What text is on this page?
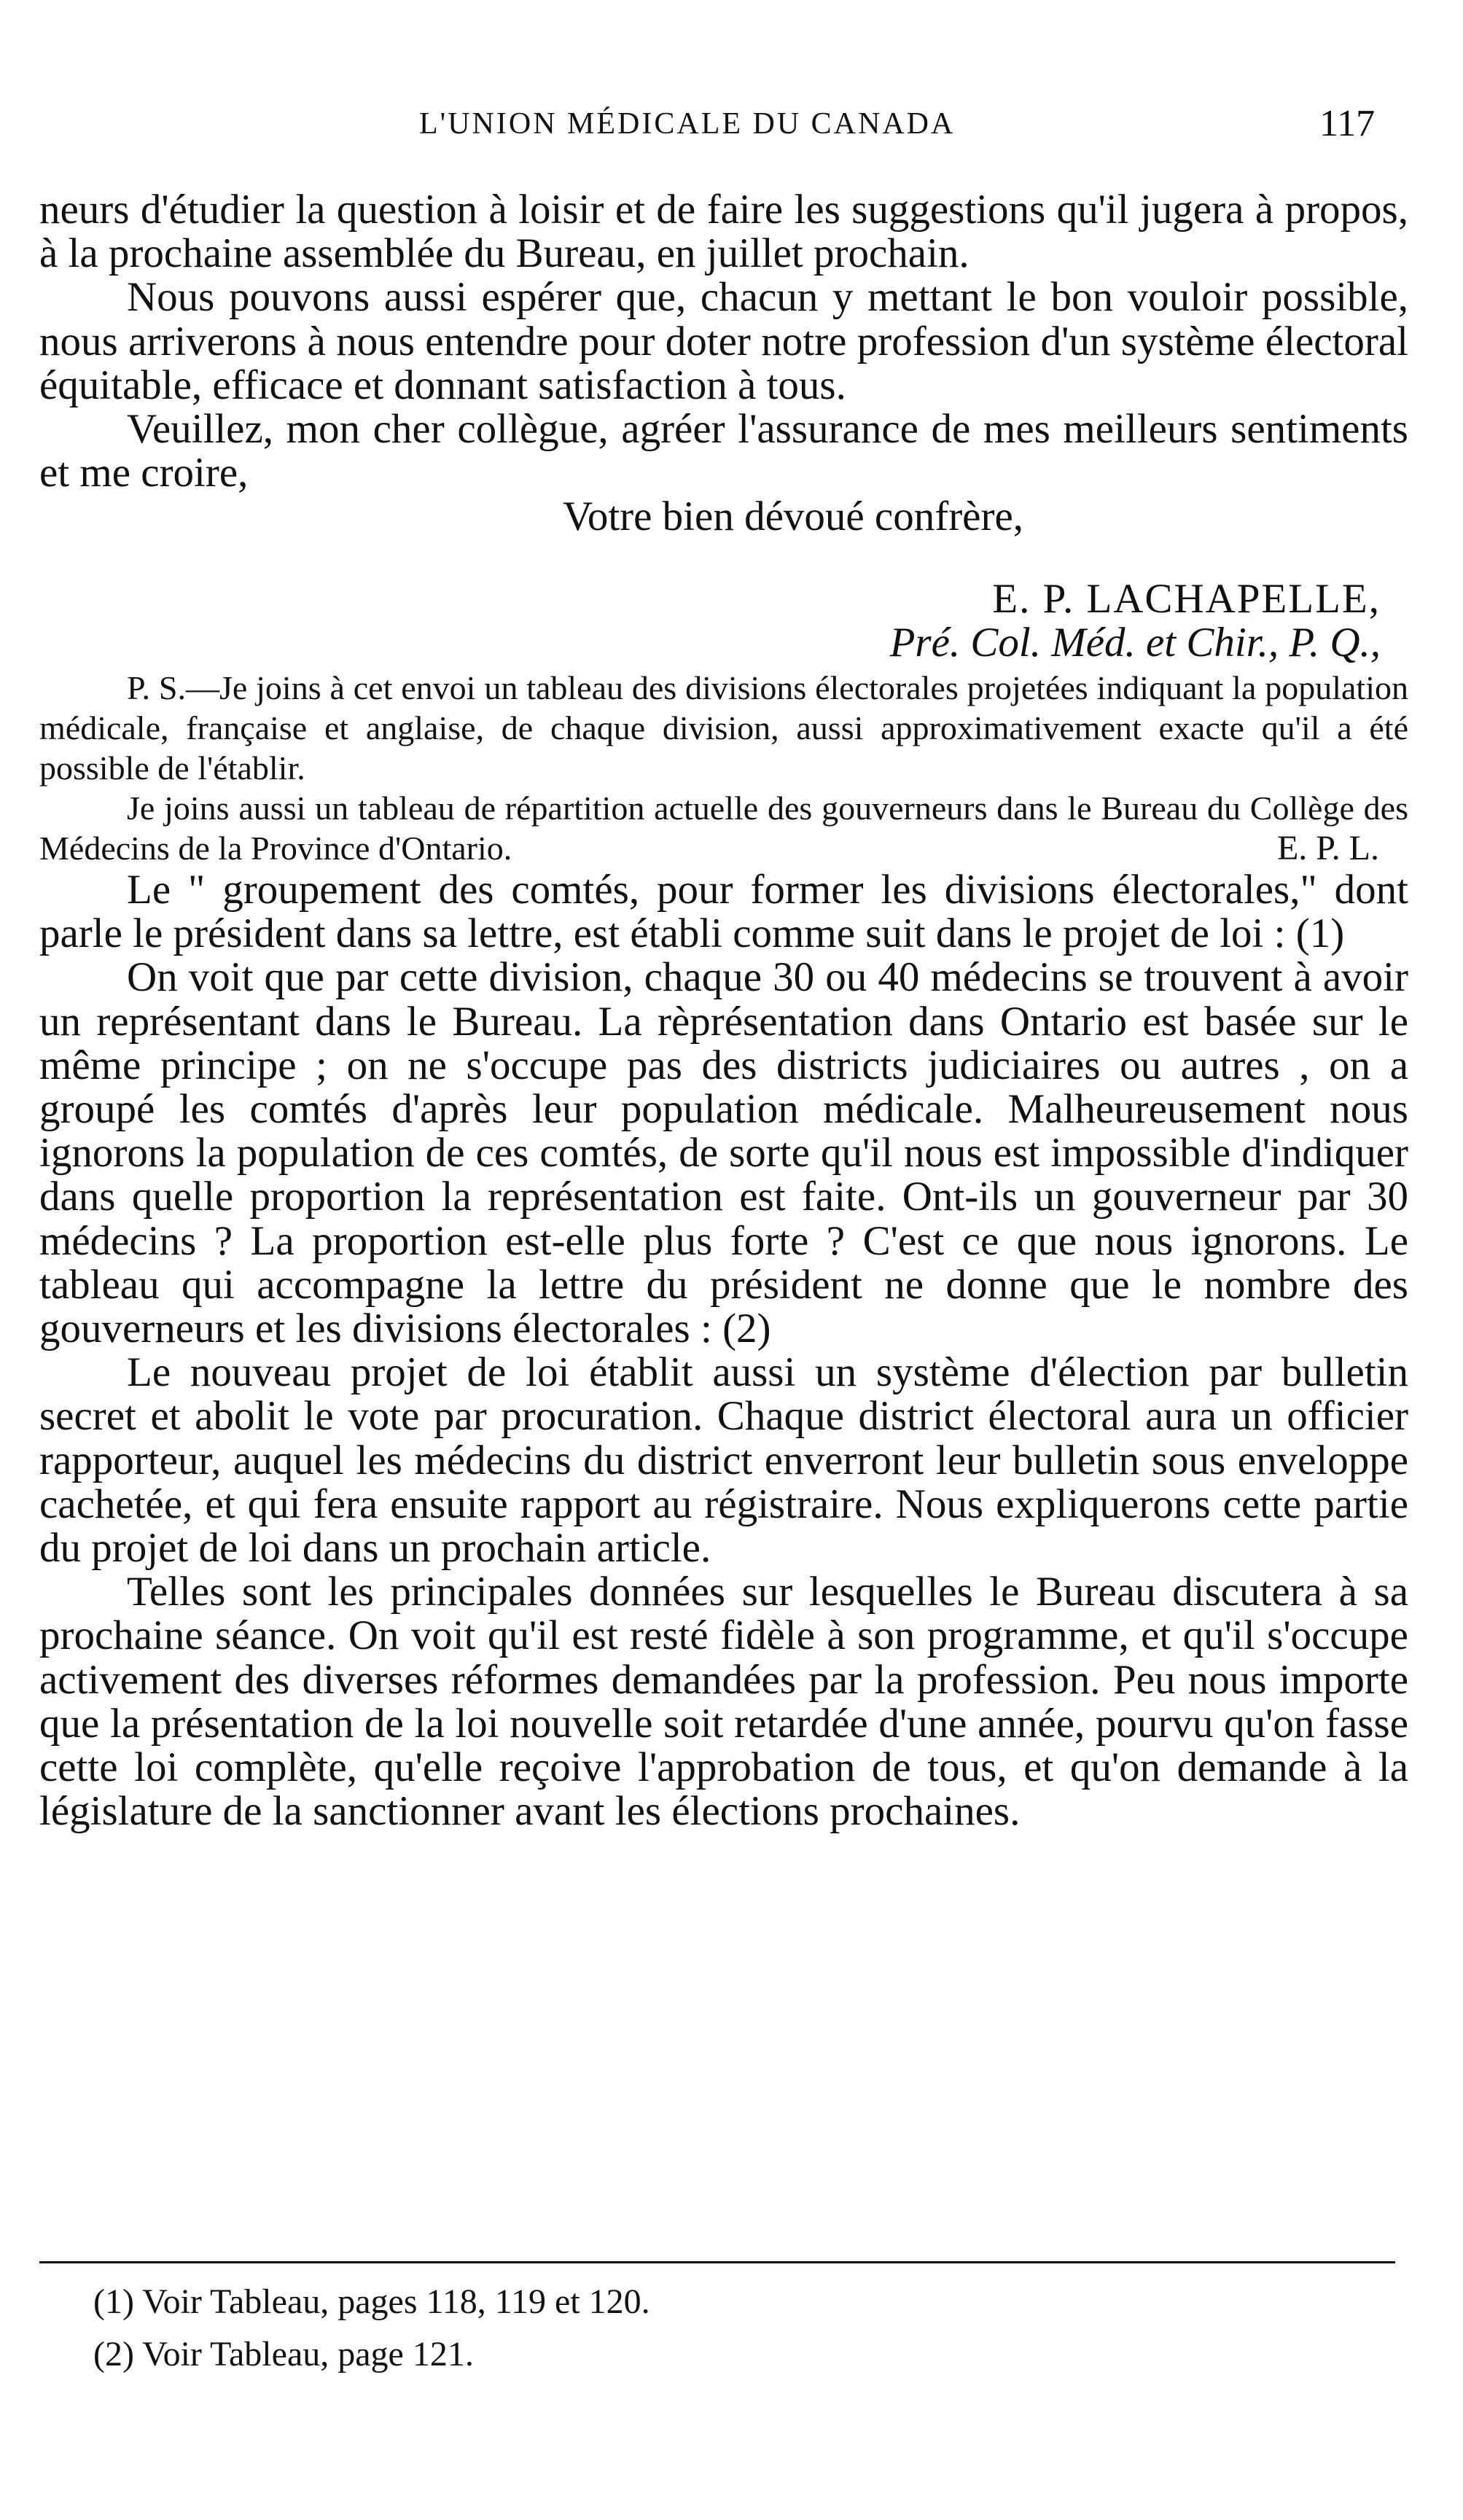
L'UNION MÉDICALE DU CANADA	117

neurs d'étudier la question à loisir et de faire les suggestions qu'il jugera à propos, à la prochaine assemblée du Bureau, en juillet prochain.

Nous pouvons aussi espérer que, chacun y mettant le bon vouloir possible, nous arriverons à nous entendre pour doter notre profession d'un système électoral équitable, efficace et donnant satisfaction à tous.

Veuillez, mon cher collègue, agréer l'assurance de mes meilleurs sentiments et me croire,

Votre bien dévoué confrère,

E. P. LACHAPELLE,

Pré. Col. Méd. et Chir., P. Q.,

P. S.—Je joins à cet envoi un tableau des divisions électorales projetées indiquant la population médicale, française et anglaise, de chaque division, aussi approximativement exacte qu'il a été possible de l'établir.

Je joins aussi un tableau de répartition actuelle des gouverneurs dans le Bureau du Collège des Médecins de la Province d'Ontario.	E. P. L.

Le " groupement des comtés, pour former les divisions électorales," dont parle le président dans sa lettre, est établi comme suit dans le projet de loi : (1)

On voit que par cette division, chaque 30 ou 40 médecins se trouvent à avoir un représentant dans le Bureau. La rèprésentation dans Ontario est basée sur le même principe ; on ne s'occupe pas des districts judiciaires ou autres , on a groupé les comtés d'après leur population médicale. Malheureusement nous ignorons la population de ces comtés, de sorte qu'il nous est impossible d'indiquer dans quelle proportion la représentation est faite. Ont-ils un gouverneur par 30 médecins ? La proportion est-elle plus forte ? C'est ce que nous ignorons. Le tableau qui accompagne la lettre du président ne donne que le nombre des gouverneurs et les divisions électorales : (2)

Le nouveau projet de loi établit aussi un système d'élection par bulletin secret et abolit le vote par procuration. Chaque district électoral aura un officier rapporteur, auquel les médecins du district enverront leur bulletin sous enveloppe cachetée, et qui fera ensuite rapport au régistraire. Nous expliquerons cette partie du projet de loi dans un prochain article.

Telles sont les principales données sur lesquelles le Bureau discutera à sa prochaine séance. On voit qu'il est resté fidèle à son programme, et qu'il s'occupe activement des diverses réformes demandées par la profession. Peu nous importe que la présentation de la loi nouvelle soit retardée d'une année, pourvu qu'on fasse cette loi complète, qu'elle reçoive l'approbation de tous, et qu'on demande à la législature de la sanctionner avant les élections prochaines.

(1) Voir Tableau, pages 118, 119 et 120.
(2) Voir Tableau, page 121.
